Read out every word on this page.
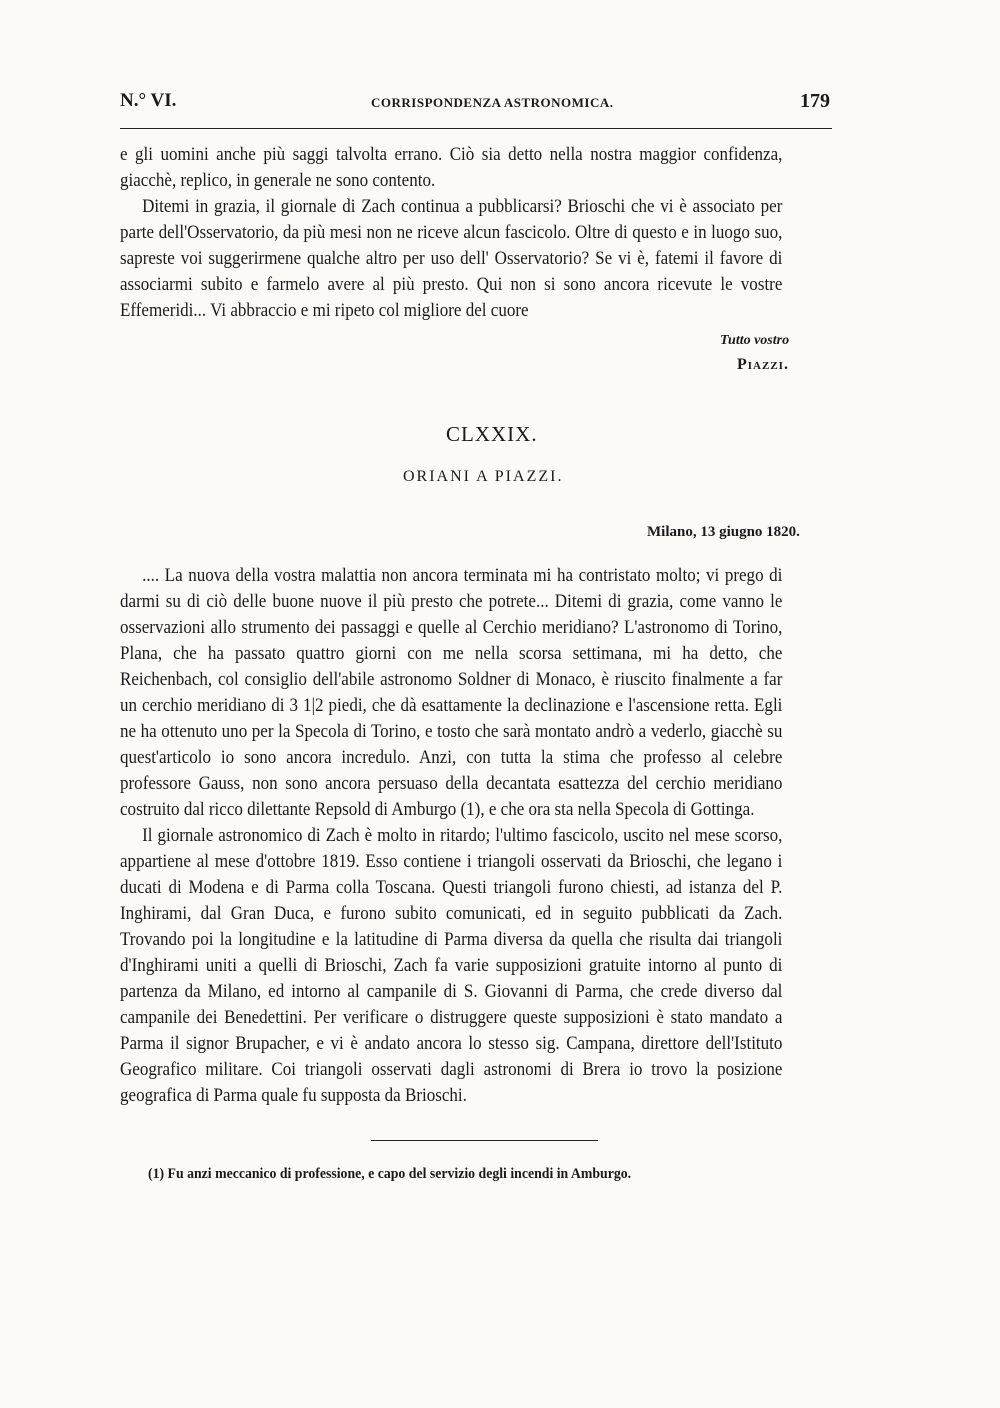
N.° VI.	CORRISPONDENZA ASTRONOMICA.	179

e gli uomini anche più saggi talvolta errano. Ciò sia detto nella nostra maggior confidenza, giacchè, replico, in generale ne sono contento.

Ditemi in grazia, il giornale di Zach continua a pubblicarsi? Brioschi che vi è associato per parte dell'Osservatorio, da più mesi non ne riceve alcun fascicolo. Oltre di questo e in luogo suo, sapreste voi suggerirmene qualche altro per uso dell' Osservatorio? Se vi è, fatemi il favore di associarmi subito e farmelo avere al più presto. Qui non si sono ancora ricevute le vostre Effemeridi... Vi abbraccio e mi ripeto col migliore del cuore

Tutto vostro
Piazzi.
CLXXIX.
ORIANI A PIAZZI.
Milano, 13 giugno 1820.

.... La nuova della vostra malattia non ancora terminata mi ha contristato molto; vi prego di darmi su di ciò delle buone nuove il più presto che potrete... Ditemi di grazia, come vanno le osservazioni allo strumento dei passaggi e quelle al Cerchio meridiano? L'astronomo di Torino, Plana, che ha passato quattro giorni con me nella scorsa settimana, mi ha detto, che Reichenbach, col consiglio dell'abile astronomo Soldner di Monaco, è riuscito finalmente a far un cerchio meridiano di 3 1|2 piedi, che dà esattamente la declinazione e l'ascensione retta. Egli ne ha ottenuto uno per la Specola di Torino, e tosto che sarà montato andrò a vederlo, giacchè su quest'articolo io sono ancora incredulo. Anzi, con tutta la stima che professo al celebre professore Gauss, non sono ancora persuaso della decantata esattezza del cerchio meridiano costruito dal ricco dilettante Repsold di Amburgo (1), e che ora sta nella Specola di Gottinga.

Il giornale astronomico di Zach è molto in ritardo; l'ultimo fascicolo, uscito nel mese scorso, appartiene al mese d'ottobre 1819. Esso contiene i triangoli osservati da Brioschi, che legano i ducati di Modena e di Parma colla Toscana. Questi triangoli furono chiesti, ad istanza del P. Inghirami, dal Gran Duca, e furono subito comunicati, ed in seguito pubblicati da Zach. Trovando poi la longitudine e la latitudine di Parma diversa da quella che risulta dai triangoli d'Inghirami uniti a quelli di Brioschi, Zach fa varie supposizioni gratuite intorno al punto di partenza da Milano, ed intorno al campanile di S. Giovanni di Parma, che crede diverso dal campanile dei Benedettini. Per verificare o distruggere queste supposizioni è stato mandato a Parma il signor Brupacher, e vi è andato ancora lo stesso sig. Campana, direttore dell'Istituto Geografico militare. Coi triangoli osservati dagli astronomi di Brera io trovo la posizione geografica di Parma quale fu supposta da Brioschi.

(1) Fu anzi meccanico di professione, e capo del servizio degli incendi in Amburgo.
